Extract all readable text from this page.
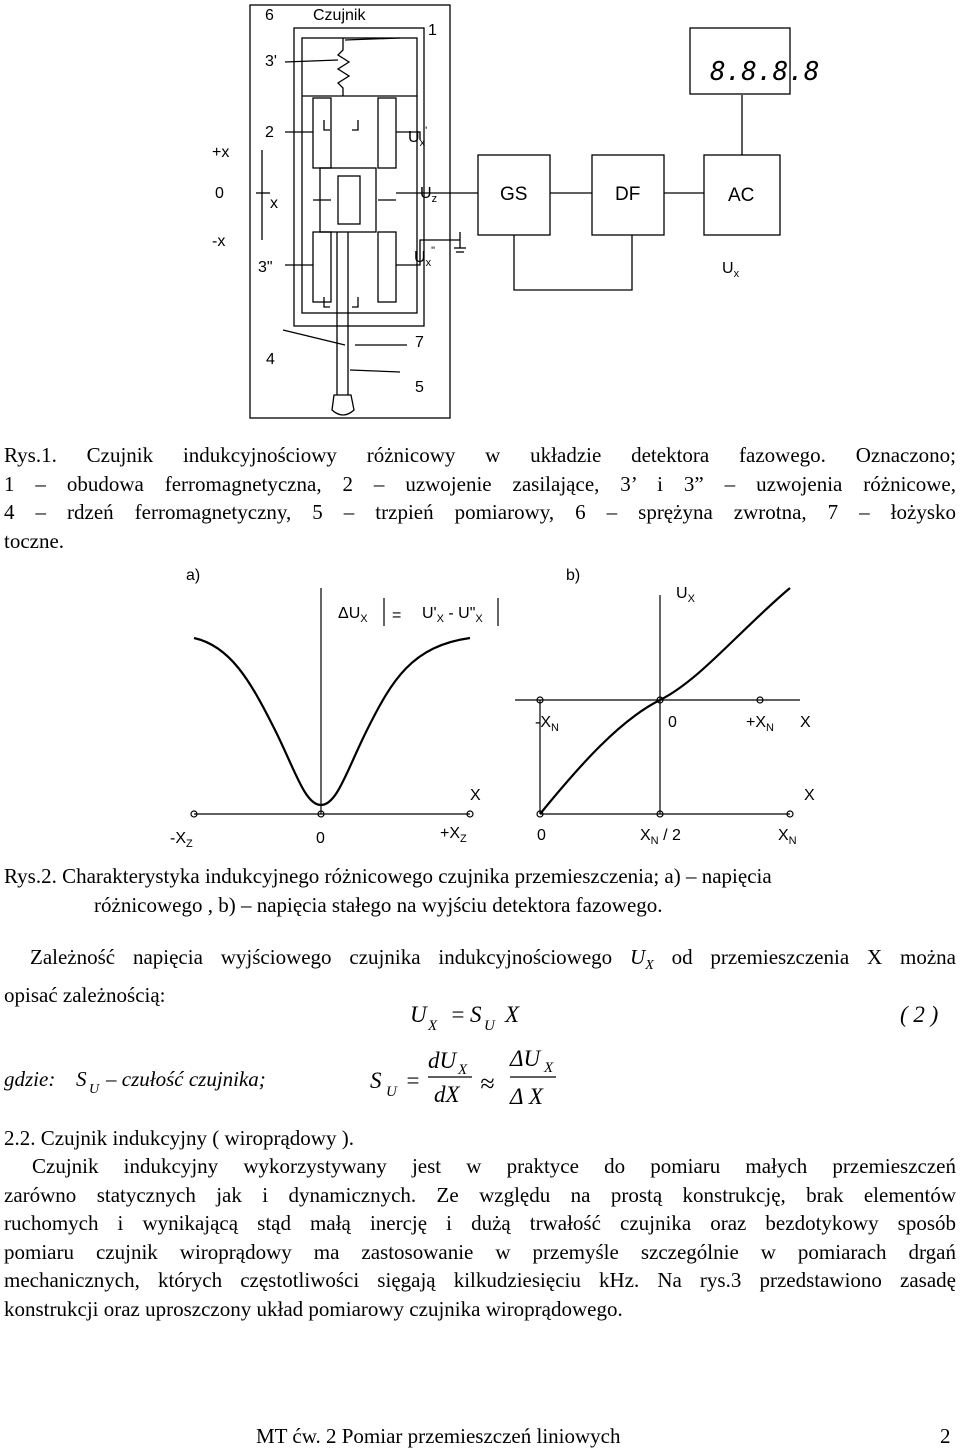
8.8.8.8
6 Czujnik
1
3'
2	$U_x'$
+x
0
x
-x
$U_z$
3"
$U_x^"$
4
7
5
GS	DF	AC
$U_x$
Rys.1. Czujnik indukcyjnościowy różnicowy w układzie detektora fazowego. Oznaczono;
1 – obudowa ferromagnetyczna, 2 – uzwojenie zasilające, 3’ i 3” – uzwojenia różnicowe,
4 – rdzeń ferromagnetyczny, 5 – trzpień pomiarowy, 6 – sprężyna zwrotna, 7 – łożysko
toczne.
a)	b)
$\Delta U_X = U'_X$ - $U"_X$
X
$-X_Z$	0	$+X_Z$
$U_X$
$-X_N$	0	$+X_N$ X
X
0	$X_N / 2$	$X_N$
Rys.2. Charakterystyka indukcyjnego różnicowego czujnika przemieszczenia; a) – napięcia
różnicowego , b) – napięcia stałego na wyjściu detektora fazowego.
Zależność napięcia wyjściowego czujnika indukcyjnościowego $U_X$ od przemieszczenia X można
opisać zależnością:
U X = S U X	( 2 )
gdzie: S U – czułość czujnika;	S U =
dU X
dX ≈
ΔU X
Δ X
2.2. Czujnik indukcyjny ( wiroprądowy ).
Czujnik indukcyjny wykorzystywany jest w praktyce do pomiaru małych przemieszczeń
zarówno statycznych jak i dynamicznych. Ze względu na prostą konstrukcję, brak elementów
ruchomych i wynikającą stąd małą inercję i dużą trwałość czujnika oraz bezdotykowy sposób
pomiaru czujnik wiroprądowy ma zastosowanie w przemyśle szczególnie w pomiarach drgań
mechanicznych, których częstotliwości sięgają kilkudziesięciu kHz. Na rys.3 przedstawiono zasadę
konstrukcji oraz uproszczony układ pomiarowy czujnika wiroprądowego.
MT ćw. 2 Pomiar przemieszczeń liniowych	2
